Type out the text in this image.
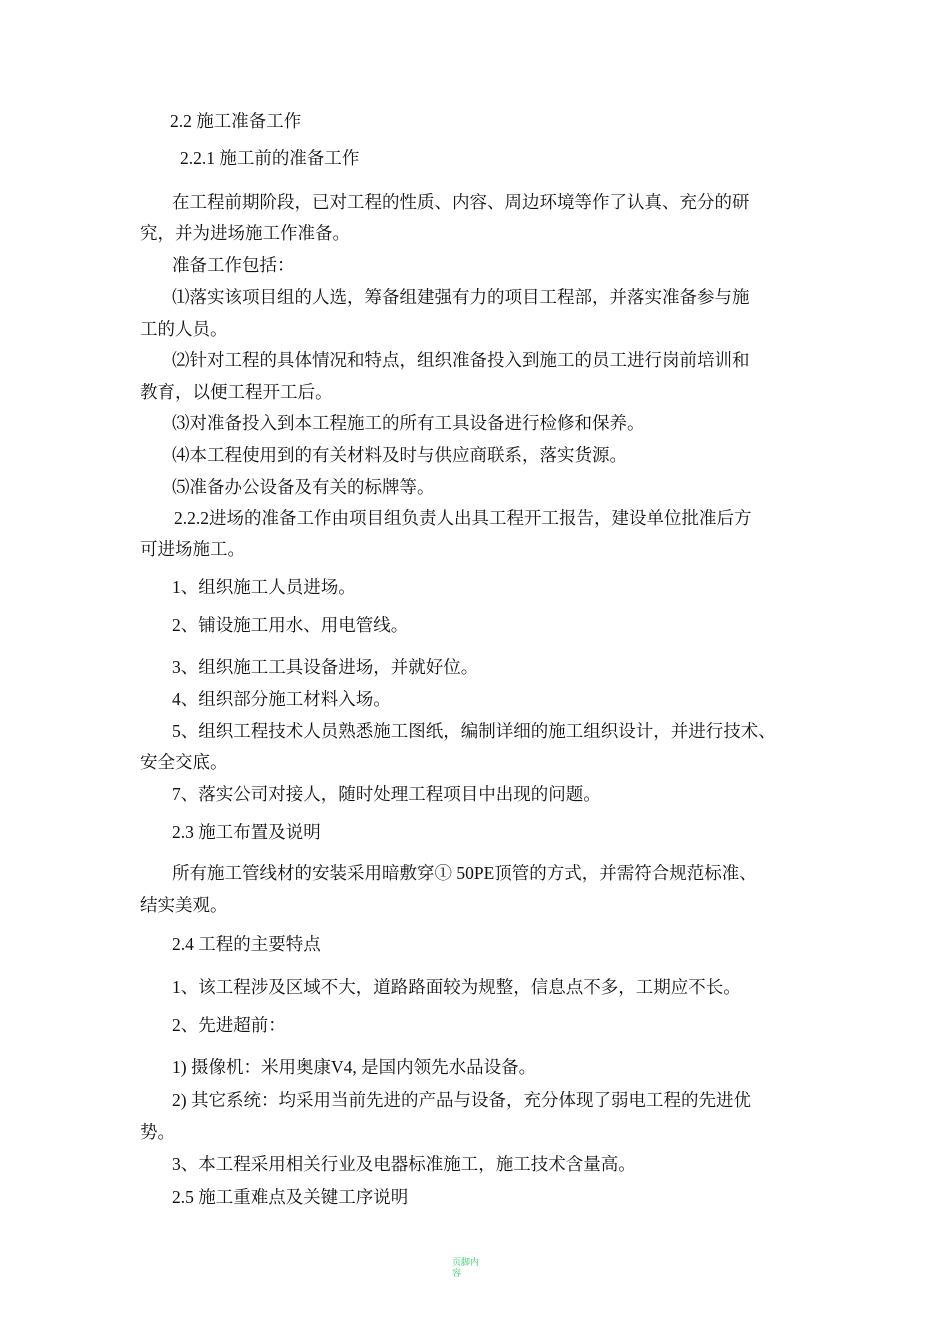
2.2 施工准备工作
2.2.1 施工前的准备工作
在工程前期阶段，已对工程的性质、内容、周边环境等作了认真、充分的研
究，并为进场施工作准备。
准备工作包括：
⑴落实该项目组的人选，筹备组建强有力的项目工程部，并落实准备参与施
工的人员。
⑵针对工程的具体情况和特点，组织准备投入到施工的员工进行岗前培训和
教育，以便工程开工后。
⑶对准备投入到本工程施工的所有工具设备进行检修和保养。
⑷本工程使用到的有关材料及时与供应商联系，落实货源。
⑸准备办公设备及有关的标牌等。
2.2.2进场的准备工作由项目组负责人出具工程开工报告，建设单位批准后方
可进场施工。
1、组织施工人员进场。
2、铺设施工用水、用电管线。
3、组织施工工具设备进场，并就好位。
4、组织部分施工材料入场。
5、组织工程技术人员熟悉施工图纸，编制详细的施工组织设计，并进行技术、
安全交底。
7、落实公司对接人，随时处理工程项目中出现的问题。
2.3 施工布置及说明
所有施工管线材的安装采用暗敷穿① 50PE顶管的方式，并需符合规范标准、
结实美观。
2.4 工程的主要特点
1、该工程涉及区域不大，道路路面较为规整，信息点不多，工期应不长。
2、先进超前：
1) 摄像机：米用奥康V4, 是国内领先水品设备。
2) 其它系统：均采用当前先进的产品与设备，充分体现了弱电工程的先进优
势。
3、本工程采用相关行业及电器标准施工，施工技术含量高。
2.5 施工重难点及关键工序说明
页脚内
容
